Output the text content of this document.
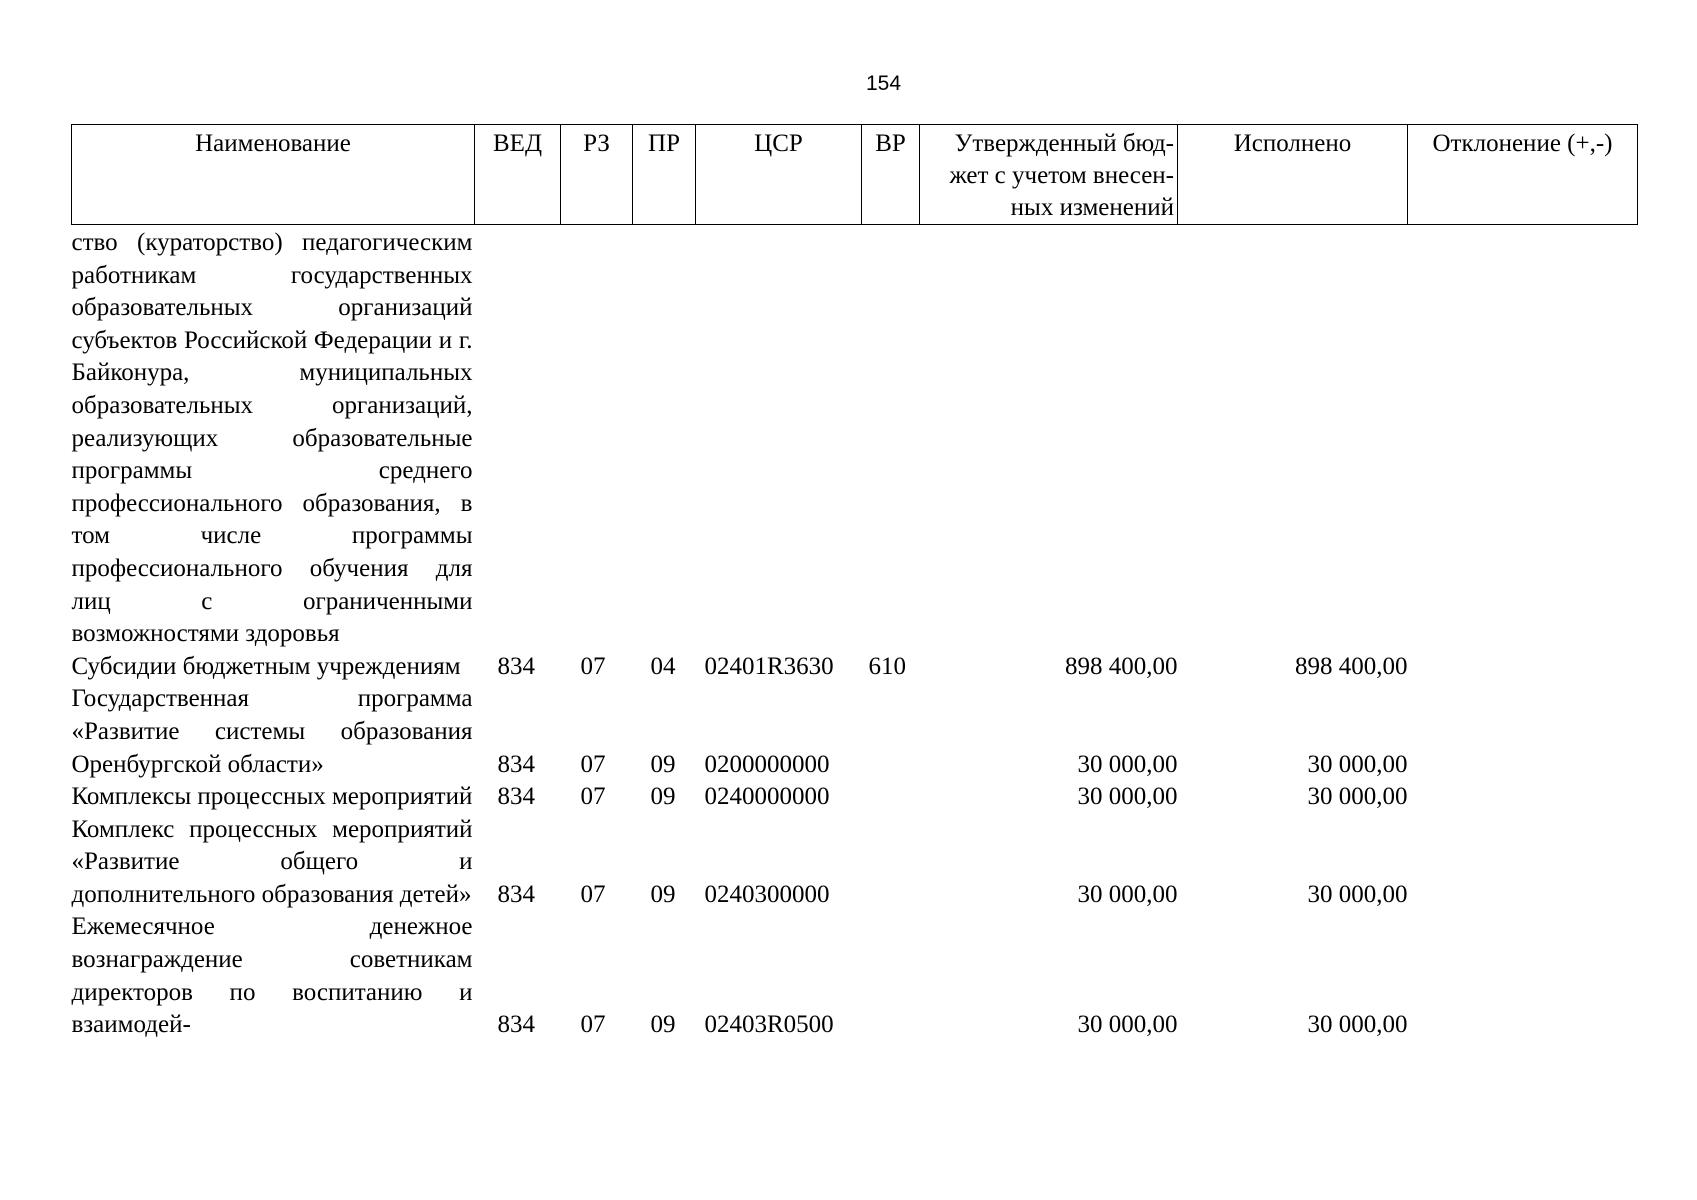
154
Наименование	ВЕД	РЗ	ПР	ЦСР	ВР	Утвержденный бюд-жет с учетом внесен-ных изменений	Исполнено	Отклонение (+,-)
ство (кураторство) педагогическим работникам государственных образовательных организаций субъектов Российской Федерации и г. Байконура, муниципальных образовательных организаций, реализующих образовательные программы среднего профессионального образования, в том числе программы профессионального обучения для лиц с ограниченными возможностями здоровья								
Субсидии бюджетным учреждениям	834	07	04	02401R3630	610	898 400,00	898 400,00	
Государственная программа «Развитие системы образования Оренбургской области»	834	07	09	0200000000		30 000,00	30 000,00	
Комплексы процессных мероприятий	834	07	09	0240000000		30 000,00	30 000,00	
Комплекс процессных мероприятий «Развитие общего и дополнительного образования детей»	834	07	09	0240300000		30 000,00	30 000,00	
Ежемесячное денежное вознаграждение советникам директоров по воспитанию и взаимодей-	834	07	09	02403R0500		30 000,00	30 000,00	
